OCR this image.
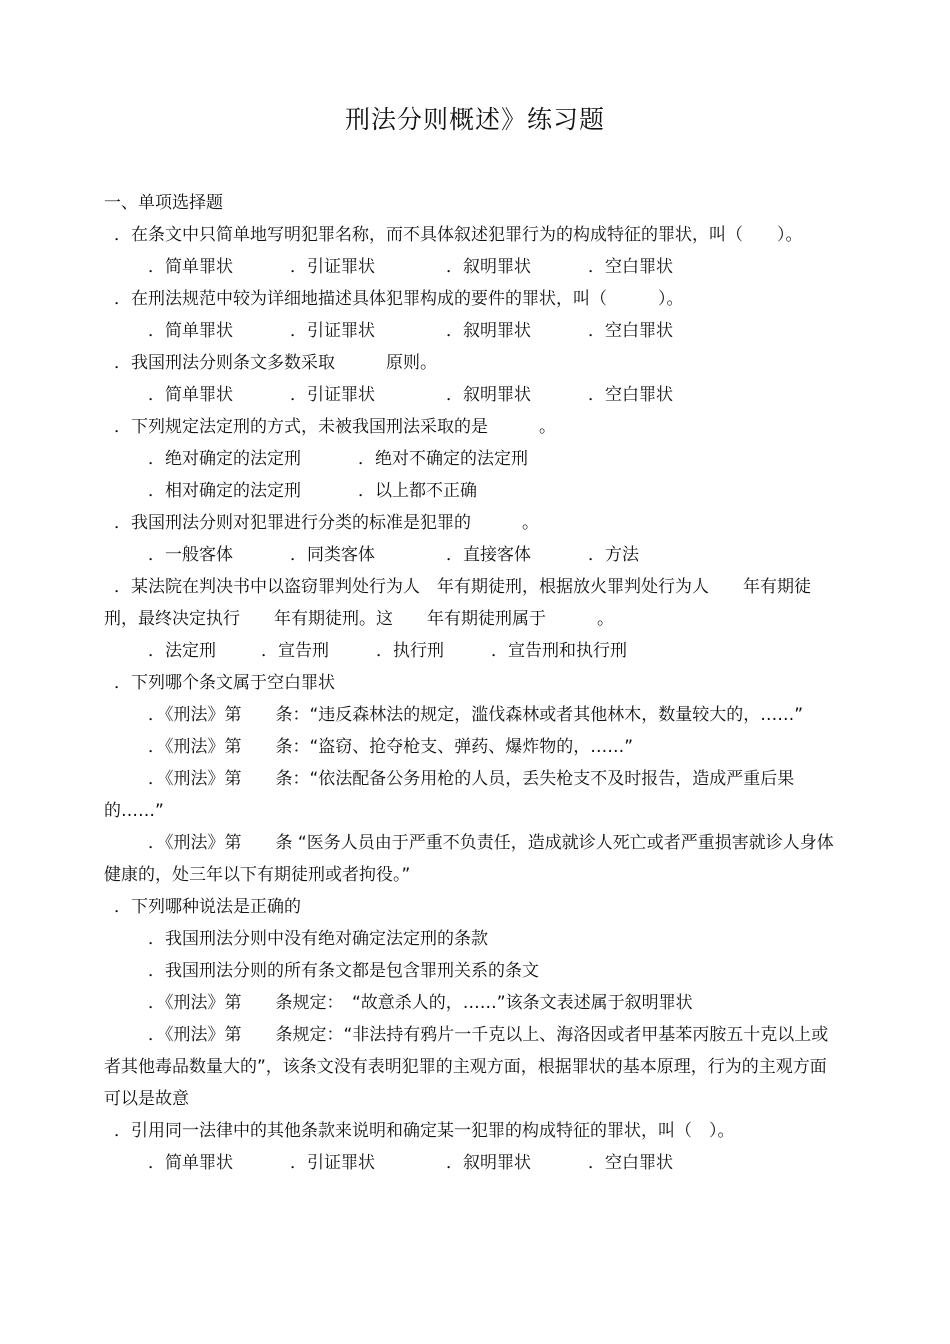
刑法分则概述》练习题
一、单项选择题
．在条文中只简单地写明犯罪名称，而不具体叙述犯罪行为的构成特征的罪状，叫（　　）。
．简单罪状	．引证罪状	．叙明罪状	．空白罪状
．在刑法规范中较为详细地描述具体犯罪构成的要件的罪状，叫（　　　）。
．简单罪状	．引证罪状	．叙明罪状	．空白罪状
．我国刑法分则条文多数采取　　　原则。
．简单罪状	．引证罪状	．叙明罪状	．空白罪状
．下列规定法定刑的方式，未被我国刑法采取的是　　　。
．绝对确定的法定刑	．绝对不确定的法定刑
．相对确定的法定刑	．以上都不正确
．我国刑法分则对犯罪进行分类的标准是犯罪的　　　。
．一般客体	．同类客体	．直接客体	．方法
．某法院在判决书中以盗窃罪判处行为人　年有期徒刑，根据放火罪判处行为人　　年有期徒刑，最终决定执行　　年有期徒刑。这　　年有期徒刑属于　　　。
．法定刑	．宣告刑	．执行刑	．宣告刑和执行刑
．下列哪个条文属于空白罪状
．《刑法》第　　条：“违反森林法的规定，滥伐森林或者其他林木，数量较大的，……”
．《刑法》第　　条：“盗窃、抢夺枪支、弹药、爆炸物的，……”
．《刑法》第　　条：“依法配备公务用枪的人员，丢失枪支不及时报告，造成严重后果的……”
．《刑法》第　　条 “医务人员由于严重不负责任，造成就诊人死亡或者严重损害就诊人身体健康的，处三年以下有期徒刑或者拘役。”
．下列哪种说法是正确的
．我国刑法分则中没有绝对确定法定刑的条款
．我国刑法分则的所有条文都是包含罪刑关系的条文
．《刑法》第　　条规定：　“故意杀人的，……”该条文表述属于叙明罪状
．《刑法》第　　条规定：“非法持有鸦片一千克以上、海洛因或者甲基苯丙胺五十克以上或者其他毒品数量大的”，该条文没有表明犯罪的主观方面，根据罪状的基本原理，行为的主观方面可以是故意
．引用同一法律中的其他条款来说明和确定某一犯罪的构成特征的罪状，叫（　）。
．简单罪状	．引证罪状	．叙明罪状	．空白罪状
